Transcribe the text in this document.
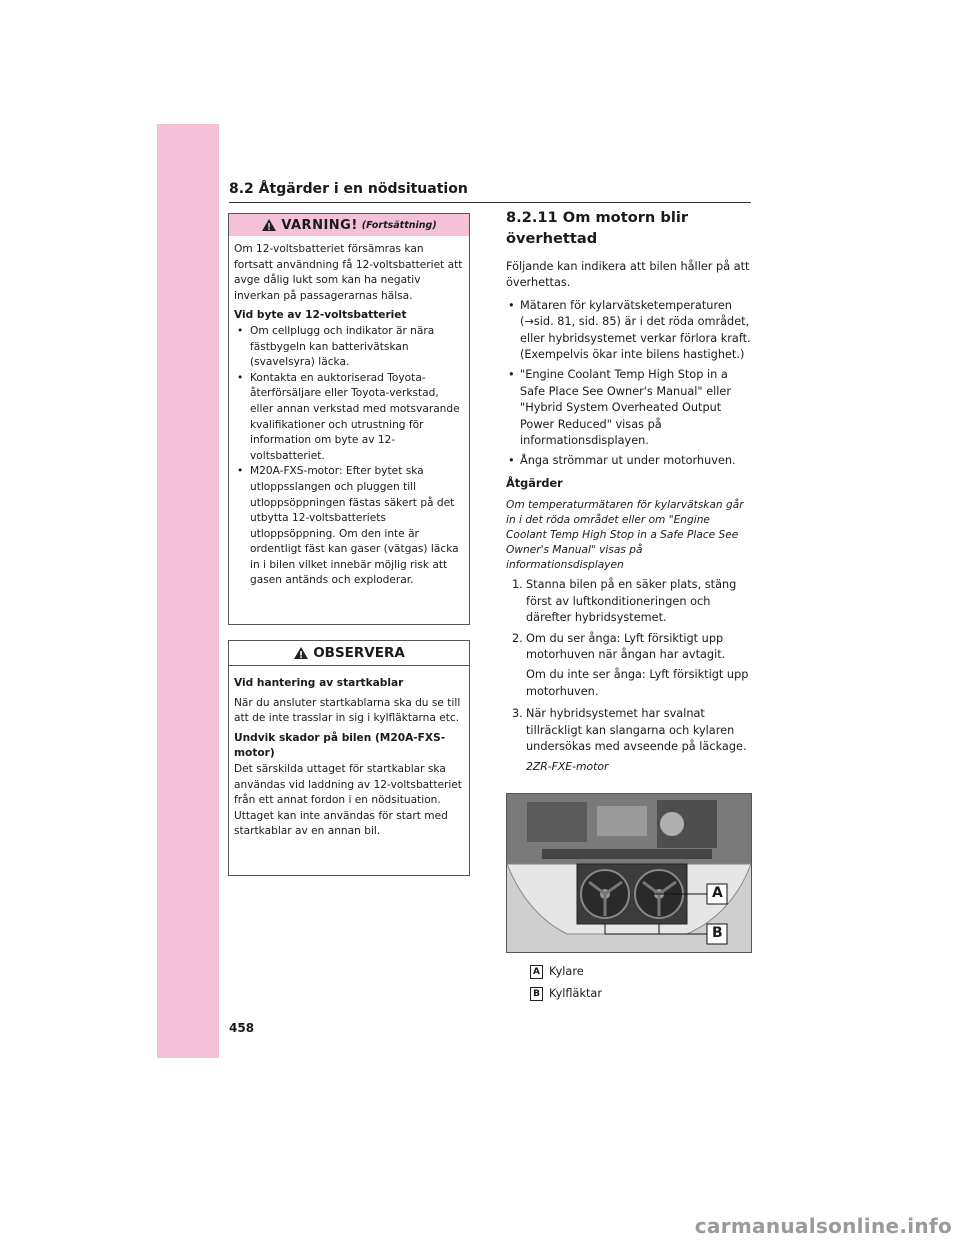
8.2 Åtgärder i en nödsituation
VARNING! (Fortsättning)

Om 12-voltsbatteriet försämras kan fortsatt användning få 12-voltsbatteriet att avge dålig lukt som kan ha negativ inverkan på passagerarnas hälsa.

Vid byte av 12-voltsbatteriet

• Om cellplugg och indikator är nära fästbygeln kan batterivätskan (svavelsyra) läcka.
• Kontakta en auktoriserad Toyota-återförsäljare eller Toyota-verkstad, eller annan verkstad med motsvarande kvalifikationer och utrustning för information om byte av 12-voltsbatteriet.
• M20A-FXS-motor: Efter bytet ska utloppsslangen och pluggen till utloppsöppningen fästas säkert på det utbytta 12-voltsbatteriets utloppsöppning. Om den inte är ordentligt fäst kan gaser (vätgas) läcka in i bilen vilket innebär möjlig risk att gasen antänds och exploderar.
OBSERVERA

Vid hantering av startkablar

När du ansluter startkablarna ska du se till att de inte trasslar in sig i kylfläktarna etc.

Undvik skador på bilen (M20A-FXS-motor)

Det särskilda uttaget för startkablar ska användas vid laddning av 12-voltsbatteriet från ett annat fordon i en nödsituation. Uttaget kan inte användas för start med startkablar av en annan bil.

8.2.11 Om motorn blir överhettad

Följande kan indikera att bilen håller på att överhettas.

• Mätaren för kylarvätsketemperaturen (→sid. 81, sid. 85) är i det röda området, eller hybridsystemet verkar förlora kraft. (Exempelvis ökar inte bilens hastighet.)
• "Engine Coolant Temp High Stop in a Safe Place See Owner's Manual" eller "Hybrid System Overheated Output Power Reduced" visas på informationsdisplayen.
• Ånga strömmar ut under motorhuven.

Åtgärder

Om temperaturmätaren för kylarvätskan går in i det röda området eller om "Engine Coolant Temp High Stop in a Safe Place See Owner's Manual" visas på informationsdisplayen

1. Stanna bilen på en säker plats, stäng först av luftkonditioneringen och därefter hybridsystemet.
2. Om du ser ånga: Lyft försiktigt upp motorhuven när ångan har avtagit.

Om du inte ser ånga: Lyft försiktigt upp motorhuven.

3. När hybridsystemet har svalnat tillräckligt kan slangarna och kylaren undersökas med avseende på läckage.

2ZR-FXE-motor

A
B
A Kylare
B Kylfläktar
458
carmanualsonline.info
